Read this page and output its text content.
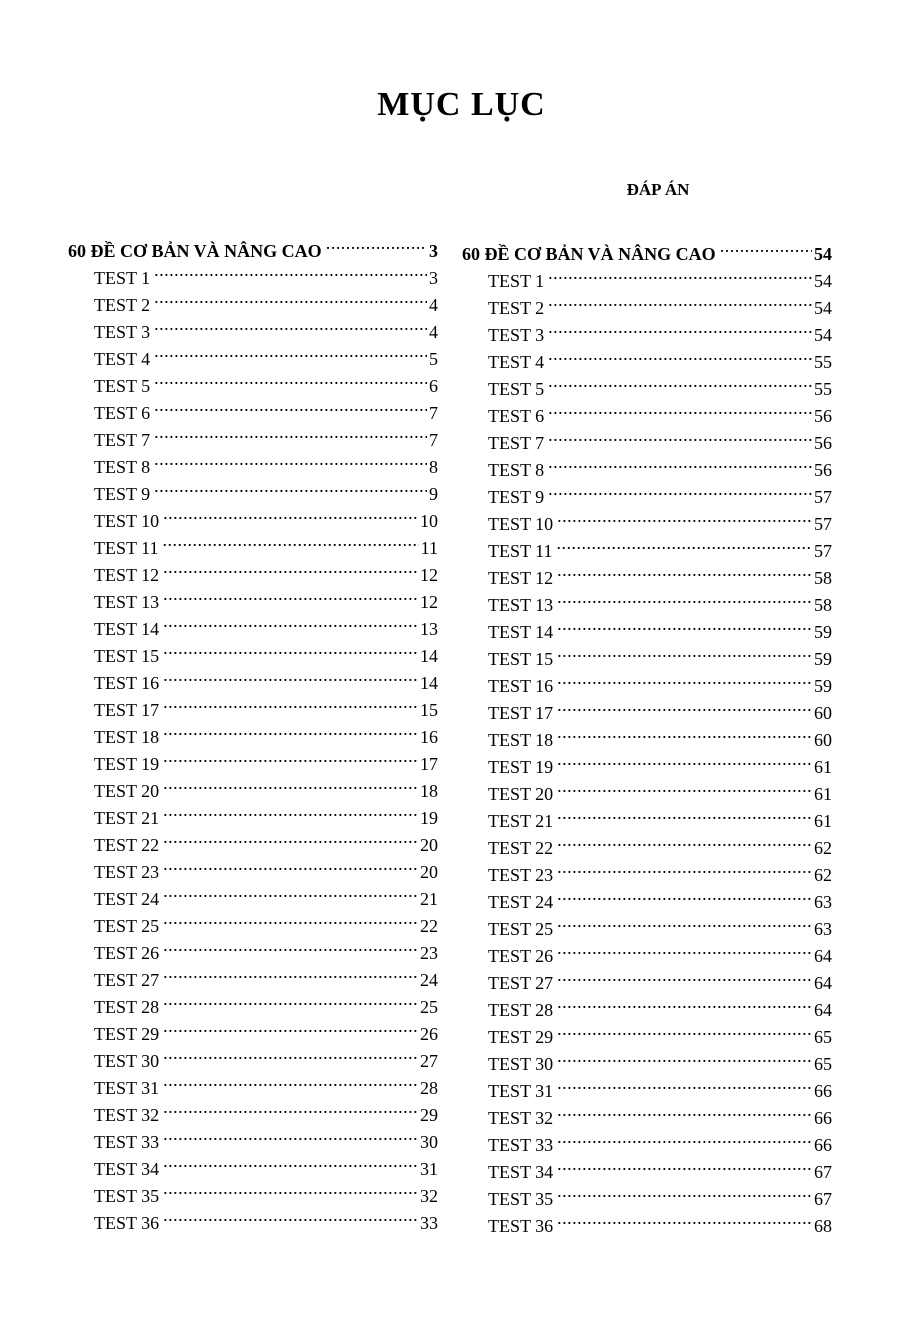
MỤC LỤC
ĐÁP ÁN
60 ĐỀ CƠ BẢN VÀ NÂNG CAO .....	3
TEST 1 .....	3
TEST 2 .....	4
TEST 3 .....	4
TEST 4 .....	5
TEST 5 .....	6
TEST 6 .....	7
TEST 7 .....	7
TEST 8 .....	8
TEST 9 .....	9
TEST 10 .....	10
TEST 11 .....	11
TEST 12 .....	12
TEST 13 .....	12
TEST 14 .....	13
TEST 15 .....	14
TEST 16 .....	14
TEST 17 .....	15
TEST 18 .....	16
TEST 19 .....	17
TEST 20 .....	18
TEST 21 .....	19
TEST 22 .....	20
TEST 23 .....	20
TEST 24 .....	21
TEST 25 .....	22
TEST 26 .....	23
TEST 27 .....	24
TEST 28 .....	25
TEST 29 .....	26
TEST 30 .....	27
TEST 31 .....	28
TEST 32 .....	29
TEST 33 .....	30
TEST 34 .....	31
TEST 35 .....	32
TEST 36 .....	33
60 ĐỀ CƠ BẢN VÀ NÂNG CAO .....	54
TEST 1 .....	54
TEST 2 .....	54
TEST 3 .....	54
TEST 4 .....	55
TEST 5 .....	55
TEST 6 .....	56
TEST 7 .....	56
TEST 8 .....	56
TEST 9 .....	57
TEST 10 .....	57
TEST 11 .....	57
TEST 12 .....	58
TEST 13 .....	58
TEST 14 .....	59
TEST 15 .....	59
TEST 16 .....	59
TEST 17 .....	60
TEST 18 .....	60
TEST 19 .....	61
TEST 20 .....	61
TEST 21 .....	61
TEST 22 .....	62
TEST 23 .....	62
TEST 24 .....	63
TEST 25 .....	63
TEST 26 .....	64
TEST 27 .....	64
TEST 28 .....	64
TEST 29 .....	65
TEST 30 .....	65
TEST 31 .....	66
TEST 32 .....	66
TEST 33 .....	66
TEST 34 .....	67
TEST 35 .....	67
TEST 36 .....	68
